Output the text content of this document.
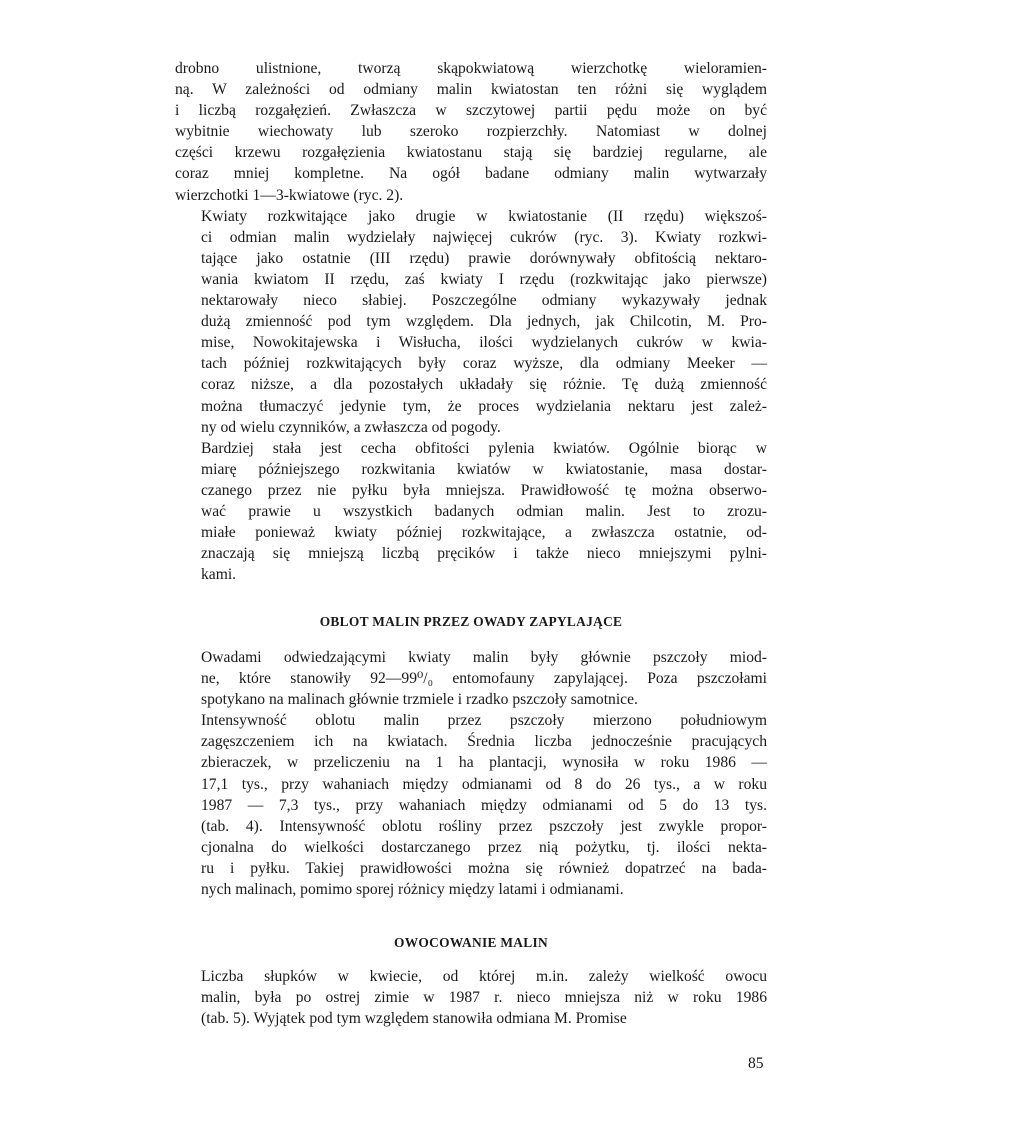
drobno ulistnione, tworzą skąpokwiatową wierzchotkę wieloramien-
ną. W zależności od odmiany malin kwiatostan ten różni się wyglądem
i liczbą rozgałęzień. Zwłaszcza w szczytowej partii pędu może on być
wybitnie wiechowaty lub szeroko rozpierzchły. Natomiast w dolnej
części krzewu rozgałęzienia kwiatostanu stają się bardziej regularne, ale
coraz mniej kompletne. Na ogół badane odmiany malin wytwarzały
wierzchotki 1—3-kwiatowe (ryc. 2).

Kwiaty rozkwitające jako drugie w kwiatostanie (II rzędu) większoś-
ci odmian malin wydzielały najwięcej cukrów (ryc. 3). Kwiaty rozkwi-
tające jako ostatnie (III rzędu) prawie dorównywały obfitością nektaro-
wania kwiatom II rzędu, zaś kwiaty I rzędu (rozkwitając jako pierwsze)
nektarowały nieco słabiej. Poszczególne odmiany wykazywały jednak
dużą zmienność pod tym względem. Dla jednych, jak Chilcotin, M. Pro-
mise, Nowokitajewska i Wisłucha, ilości wydzielanych cukrów w kwia-
tach później rozkwitających były coraz wyższe, dla odmiany Meeker —
coraz niższe, a dla pozostałych układały się różnie. Tę dużą zmienność
można tłumaczyć jedynie tym, że proces wydzielania nektaru jest zależ-
ny od wielu czynników, a zwłaszcza od pogody.

Bardziej stała jest cecha obfitości pylenia kwiatów. Ogólnie biorąc w
miarę późniejszego rozkwitania kwiatów w kwiatostanie, masa dostar-
czanego przez nie pyłku była mniejsza. Prawidłowość tę można obserwo-
wać prawie u wszystkich badanych odmian malin. Jest to zrozu-
miałe ponieważ kwiaty później rozkwitające, a zwłaszcza ostatnie, od-
znaczają się mniejszą liczbą pręcików i także nieco mniejszymi pylni-
kami.

OBLOT MALIN PRZEZ OWADY ZAPYLAJĄCE

Owadami odwiedzającymi kwiaty malin były głównie pszczoły miod-
ne, które stanowiły 92—99⁰/₀ entomofauny zapylającej. Poza pszczołami
spotykano na malinach głównie trzmiele i rzadko pszczoły samotnice.

Intensywność oblotu malin przez pszczoły mierzono południowym
zagęszczeniem ich na kwiatach. Średnia liczba jednocześnie pracujących
zbieraczek, w przeliczeniu na 1 ha plantacji, wynosiła w roku 1986 —
17,1 tys., przy wahaniach między odmianami od 8 do 26 tys., a w roku
1987 — 7,3 tys., przy wahaniach między odmianami od 5 do 13 tys.
(tab. 4). Intensywność oblotu rośliny przez pszczoły jest zwykle propor-
cjonalna do wielkości dostarczanego przez nią pożytku, tj. ilości nekta-
ru i pyłku. Takiej prawidłowości można się również dopatrzeć na bada-
nych malinach, pomimo sporej różnicy między latami i odmianami.

OWOCOWANIE MALIN

Liczba słupków w kwiecie, od której m.in. zależy wielkość owocu
malin, była po ostrej zimie w 1987 r. nieco mniejsza niż w roku 1986
(tab. 5). Wyjątek pod tym względem stanowiła odmiana M. Promise

85
